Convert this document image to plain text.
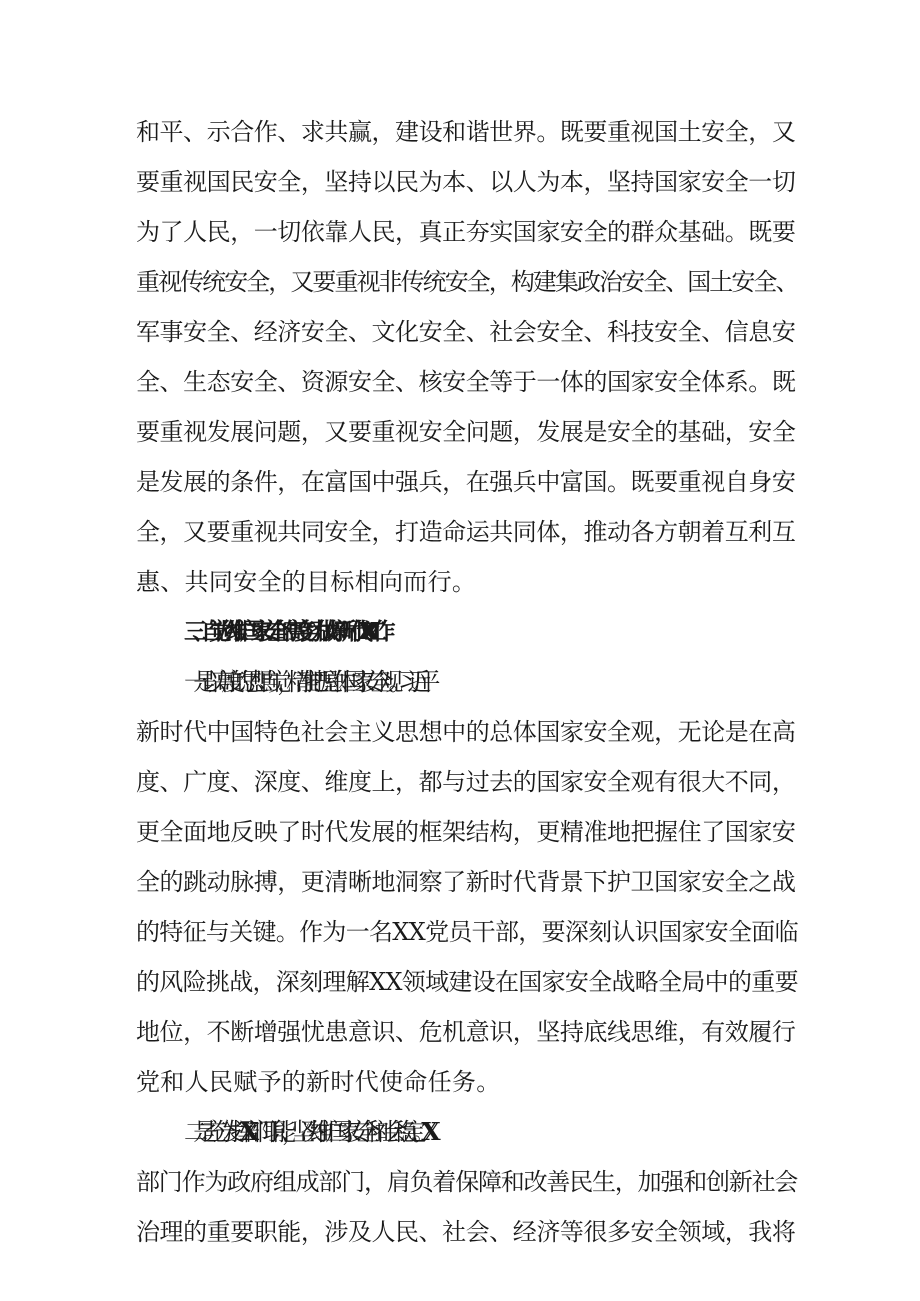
和平、示合作、求共赢，建设和谐世界。既要重视国土安全，又
要重视国民安全，坚持以民为本、以人为本，坚持国家安全一切
为了人民，一切依靠人民，真正夯实国家安全的群众基础。既要
重视传统安全，又要重视非传统安全，构建集政治安全、国土安全、
军事安全、经济安全、文化安全、社会安全、科技安全、信息安
全、生态安全、资源安全、核安全等于一体的国家安全体系。既
要重视发展问题，又要重视安全问题，发展是安全的基础，安全
是发展的条件，在富国中强兵，在强兵中富国。既要重视自身安
全，又要重视共同安全，打造命运共同体，推动各方朝着互利互
惠、共同安全的目标相向而行。
三、自觉从维护国家安全的高度努力做好新时代XX工作
一是以高度的思想自觉，精准把握总体国家安全观。习近平
新时代中国特色社会主义思想中的总体国家安全观，无论是在高
度、广度、深度、维度上，都与过去的国家安全观有很大不同，
更全面地反映了时代发展的框架结构，更精准地把握住了国家安
全的跳动脉搏，更清晰地洞察了新时代背景下护卫国家安全之战
的特征与关键。作为一名XX党员干部，要深刻认识国家安全面临
的风险挑战，深刻理解XX领域建设在国家安全战略全局中的重要
地位，不断增强忧患意识、危机意识，坚持底线思维，有效履行
党和人民赋予的新时代使命任务。
二是充分发挥XX部门职能，坚决维护国家安全和社会稳定。XX
部门作为政府组成部门，肩负着保障和改善民生，加强和创新社会
治理的重要职能，涉及人民、社会、经济等很多安全领域，我将
